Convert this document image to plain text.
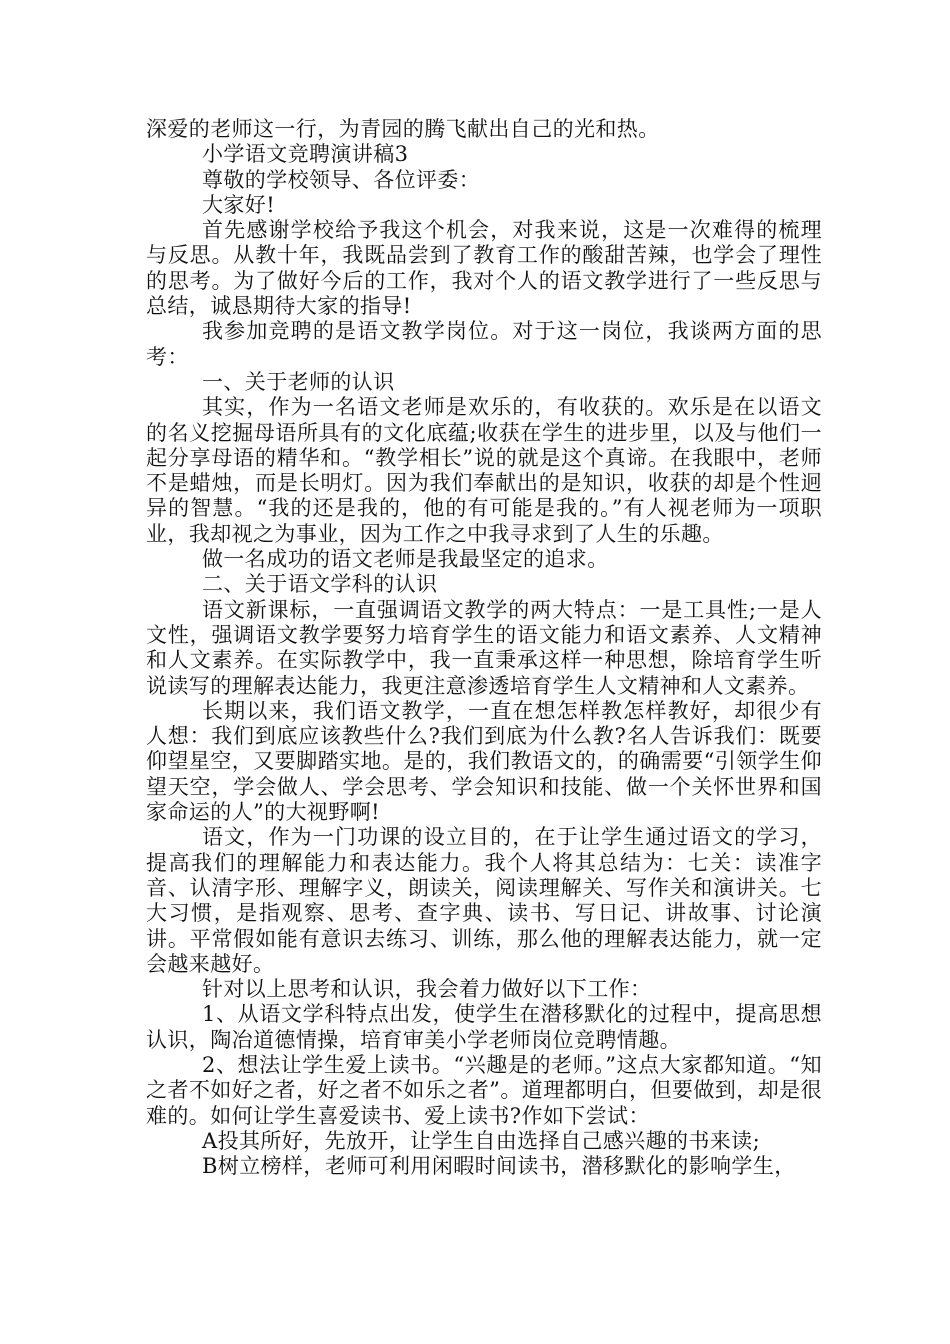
深爱的老师这一行，为青园的腾飞献出自己的光和热。

小学语文竞聘演讲稿3

尊敬的学校领导、各位评委：

大家好!

首先感谢学校给予我这个机会，对我来说，这是一次难得的梳理与反思。从教十年，我既品尝到了教育工作的酸甜苦辣，也学会了理性的思考。为了做好今后的工作，我对个人的语文教学进行了一些反思与总结，诚恳期待大家的指导!

我参加竞聘的是语文教学岗位。对于这一岗位，我谈两方面的思考：

一、关于老师的认识

其实，作为一名语文老师是欢乐的，有收获的。欢乐是在以语文的名义挖掘母语所具有的文化底蕴;收获在学生的进步里，以及与他们一起分享母语的精华和。“教学相长”说的就是这个真谛。在我眼中，老师不是蜡烛，而是长明灯。因为我们奉献出的是知识，收获的却是个性迥异的智慧。“我的还是我的，他的有可能是我的。”有人视老师为一项职业，我却视之为事业，因为工作之中我寻求到了人生的乐趣。

做一名成功的语文老师是我最坚定的追求。

二、关于语文学科的认识

语文新课标，一直强调语文教学的两大特点：一是工具性;一是人文性，强调语文教学要努力培育学生的语文能力和语文素养、人文精神和人文素养。在实际教学中，我一直秉承这样一种思想，除培育学生听说读写的理解表达能力，我更注意渗透培育学生人文精神和人文素养。

长期以来，我们语文教学，一直在想怎样教怎样教好，却很少有人想：我们到底应该教些什么?我们到底为什么教?名人告诉我们：既要仰望星空，又要脚踏实地。是的，我们教语文的，的确需要“引领学生仰望天空，学会做人、学会思考、学会知识和技能、做一个关怀世界和国家命运的人”的大视野啊!

语文，作为一门功课的设立目的，在于让学生通过语文的学习，提高我们的理解能力和表达能力。我个人将其总结为：七关：读准字音、认清字形、理解字义，朗读关，阅读理解关、写作关和演讲关。七大习惯，是指观察、思考、查字典、读书、写日记、讲故事、讨论演讲。平常假如能有意识去练习、训练，那么他的理解表达能力，就一定会越来越好。

针对以上思考和认识，我会着力做好以下工作：

1、从语文学科特点出发，使学生在潜移默化的过程中，提高思想认识，陶冶道德情操，培育审美小学老师岗位竞聘情趣。

2、想法让学生爱上读书。“兴趣是的老师。”这点大家都知道。“知之者不如好之者，好之者不如乐之者”。道理都明白，但要做到，却是很难的。如何让学生喜爱读书、爱上读书?作如下尝试：

A投其所好，先放开，让学生自由选择自己感兴趣的书来读;

B树立榜样，老师可利用闲暇时间读书，潜移默化的影响学生，
